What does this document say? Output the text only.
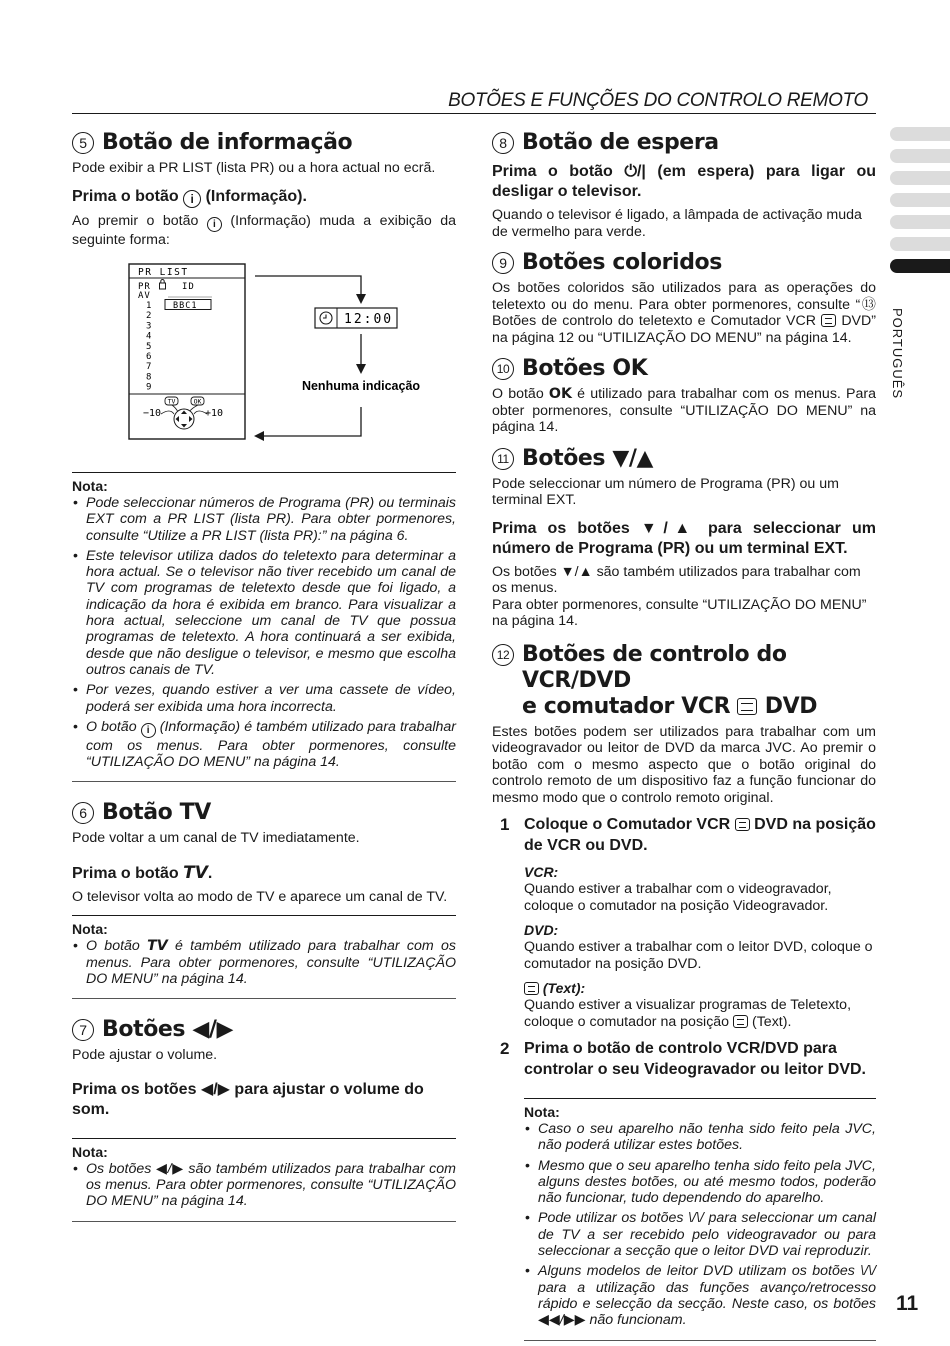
BOTÕES E FUNÇÕES DO CONTROLO REMOTO
PORTUGUÊS
5 Botão de informação

Pode exibir a PR LIST (lista PR) ou a hora actual no ecrã.

Prima o botão i (Informação).

Ao premir o botão i (Informação) muda a exibição da seguinte forma:

PR LIST
PR	ID
AV
BBC1
1
2
3
4
5
6
7
8
9
TV	OK
−10	+10
12:00
Nenhuma indicação
Nota:
• Pode seleccionar números de Programa (PR) ou terminais EXT com a PR LIST (lista PR). Para obter pormenores, consulte “Utilize a PR LIST (lista PR):” na página 6.
• Este televisor utiliza dados do teletexto para determinar a hora actual. Se o televisor não tiver recebido um canal de TV com programas de teletexto desde que foi ligado, a indicação da hora é exibida em branco. Para visualizar a hora actual, seleccione um canal de TV que possua programas de teletexto. A hora continuará a ser exibida, desde que não desligue o televisor, e mesmo que escolha outros canais de TV.
• Por vezes, quando estiver a ver uma cassete de vídeo, poderá ser exibida uma hora incorrecta.
• O botão i (Informação) é também utilizado para trabalhar com os menus. Para obter pormenores, consulte “UTILIZAÇÃO DO MENU” na página 14.
6 Botão TV

Pode voltar a um canal de TV imediatamente.

Prima o botão TV.

O televisor volta ao modo de TV e aparece um canal de TV.

Nota:
• O botão TV é também utilizado para trabalhar com os menus. Para obter pormenores, consulte “UTILIZAÇÃO DO MENU” na página 14.
7 Botões ◀/▶

Pode ajustar o volume.

Prima os botões ◀/▶ para ajustar o volume do som.

Nota:
• Os botões ◀/▶ são também utilizados para trabalhar com os menus. Para obter pormenores, consulte “UTILIZAÇÃO DO MENU” na página 14.
8 Botão de espera

Prima o botão ⏻/| (em espera) para ligar ou desligar o televisor.

Quando o televisor é ligado, a lâmpada de activação muda de vermelho para verde.

9 Botões coloridos

Os botões coloridos são utilizados para as operações do teletexto ou do menu. Para obter pormenores, consulte “⑬ Botões de controlo do teletexto e Comutador VCR DVD” na página 12 ou “UTILIZAÇÃO DO MENU” na página 14.

10 Botões OK

O botão OK é utilizado para trabalhar com os menus. Para obter pormenores, consulte “UTILIZAÇÃO DO MENU” na página 14.

11 Botões ▼/▲

Pode seleccionar um número de Programa (PR) ou um terminal EXT.

Prima os botões ▼/▲ para seleccionar um número de Programa (PR) ou um terminal EXT.

Os botões ▼/▲ são também utilizados para trabalhar com os menus.

Para obter pormenores, consulte “UTILIZAÇÃO DO MENU” na página 14.

12 Botões de controlo do VCR/DVD
e comutador VCR DVD

Estes botões podem ser utilizados para trabalhar com um videogravador ou leitor de DVD da marca JVC. Ao premir o botão com o mesmo aspecto que o botão original do controlo remoto de um dispositivo faz a função funcionar do mesmo modo que o controlo remoto original.

1 Coloque o Comutador VCR DVD na posição de VCR ou DVD.
VCR:

Quando estiver a trabalhar com o videogravador, coloque o comutador na posição Videogravador.

DVD:

Quando estiver a trabalhar com o leitor DVD, coloque o comutador na posição DVD.

(Text):

Quando estiver a visualizar programas de Teletexto, coloque o comutador na posição (Text).

2 Prima o botão de controlo VCR/DVD para controlar o seu Videogravador ou leitor DVD.
Nota:
• Caso o seu aparelho não tenha sido feito pela JVC, não poderá utilizar estes botões.
• Mesmo que o seu aparelho tenha sido feito pela JVC, alguns destes botões, ou até mesmo todos, poderão não funcionar, tudo dependendo do aparelho.
• Pode utilizar os botões \/\/ para seleccionar um canal de TV a ser recebido pelo videogravador ou para seleccionar a secção que o leitor DVD vai reproduzir.
• Alguns modelos de leitor DVD utilizam os botões \/\/ para a utilização das funções avanço/retrocesso rápido e selecção da secção. Neste caso, os botões ◀◀/▶▶ não funcionam.
11
